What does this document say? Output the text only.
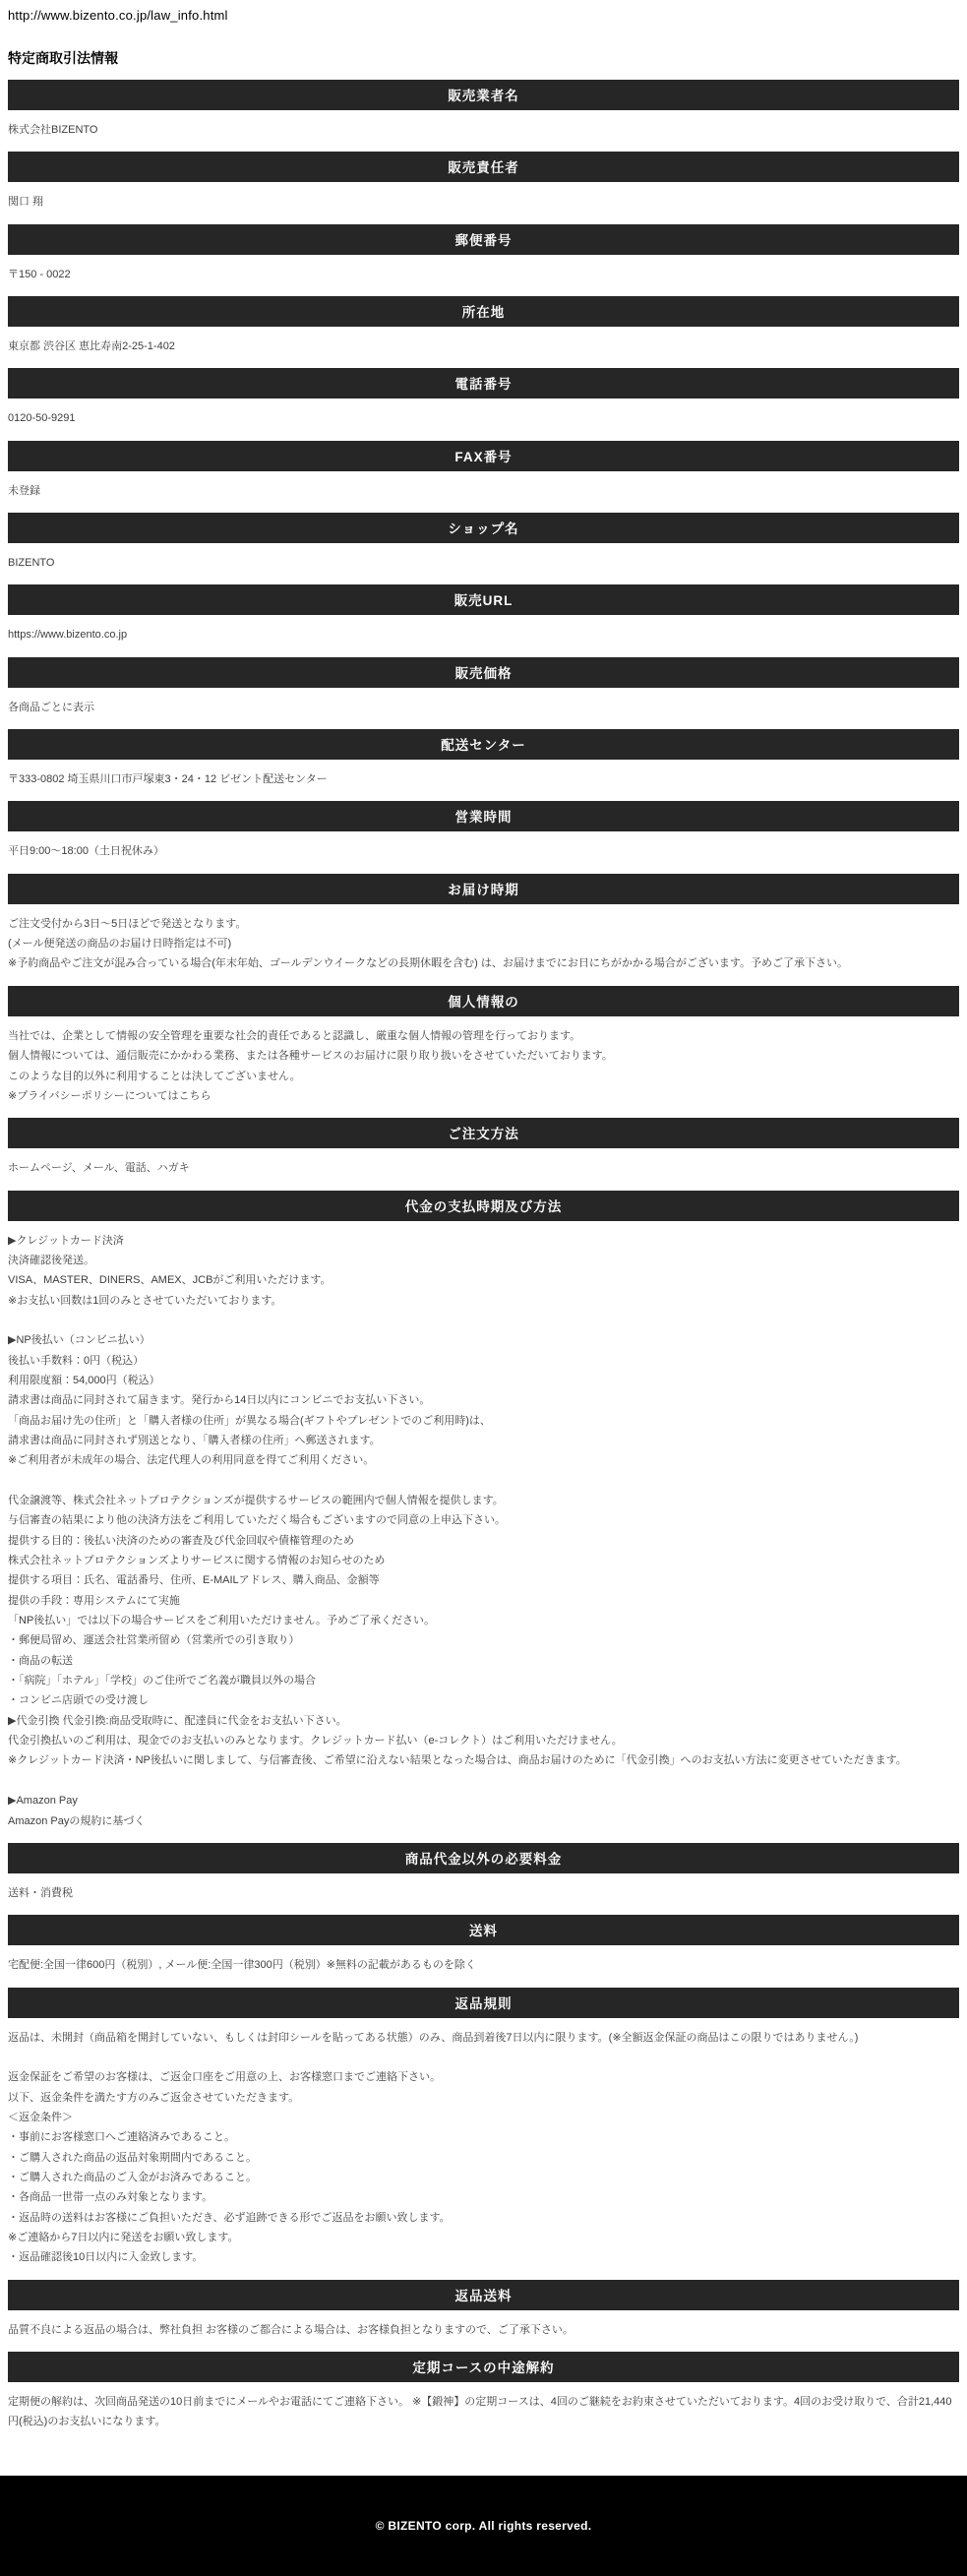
http://www.bizento.co.jp/law_info.html

特定商取引法情報
販売業者名

株式会社BIZENTO

販売責任者

関口 翔

郵便番号

〒150 - 0022

所在地

東京都 渋谷区 恵比寿南2-25-1-402

電話番号

0120-50-9291

FAX番号

未登録

ショップ名

BIZENTO

販売URL

https://www.bizento.co.jp

販売価格

各商品ごとに表示

配送センター

〒333-0802 埼玉県川口市戸塚東3・24・12 ビゼント配送センター

営業時間

平日9:00〜18:00（土日祝休み）

お届け時期

ご注文受付から3日〜5日ほどで発送となります。

(メール便発送の商品のお届け日時指定は不可)

※予約商品やご注文が混み合っている場合(年末年始、ゴールデンウイークなどの長期休暇を含む) は、お届けまでにお日にちがかかる場合がございます。予めご了承下さい。

個人情報の

当社では、企業として情報の安全管理を重要な社会的責任であると認識し、厳重な個人情報の管理を行っております。

個人情報については、通信販売にかかわる業務、または各種サービスのお届けに限り取り扱いをさせていただいております。

このような目的以外に利用することは決してございません。

※プライバシーポリシーについてはこちら

ご注文方法

ホームページ、メール、電話、ハガキ

代金の支払時期及び方法

▶クレジットカード決済

決済確認後発送。

VISA、MASTER、DINERS、AMEX、JCBがご利用いただけます。

※お支払い回数は1回のみとさせていただいております。

▶NP後払い（コンビニ払い）

後払い手数料：0円（税込）

利用限度額：54,000円（税込）

請求書は商品に同封されて届きます。発行から14日以内にコンビニでお支払い下さい。

「商品お届け先の住所」と「購入者様の住所」が異なる場合(ギフトやプレゼントでのご利用時)は、

請求書は商品に同封されず別送となり、「購入者様の住所」へ郵送されます。

※ご利用者が未成年の場合、法定代理人の利用同意を得てご利用ください。

代金譲渡等、株式会社ネットプロテクションズが提供するサービスの範囲内で個人情報を提供します。

与信審査の結果により他の決済方法をご利用していただく場合もございますので同意の上申込下さい。

提供する目的：後払い決済のための審査及び代金回収や債権管理のため

株式会社ネットプロテクションズよりサービスに関する情報のお知らせのため

提供する項目：氏名、電話番号、住所、E-MAILアドレス、購入商品、金額等

提供の手段：専用システムにて実施

「NP後払い」では以下の場合サービスをご利用いただけません。予めご了承ください。

・郵便局留め、運送会社営業所留め（営業所での引き取り）

・商品の転送

・「病院」「ホテル」「学校」のご住所でご名義が職員以外の場合

・コンビニ店頭での受け渡し

▶代金引換 代金引換:商品受取時に、配達員に代金をお支払い下さい。

代金引換払いのご利用は、現金でのお支払いのみとなります。クレジットカード払い（e-コレクト）はご利用いただけません。

※クレジットカード決済・NP後払いに関しまして、与信審査後、ご希望に沿えない結果となった場合は、商品お届けのために「代金引換」へのお支払い方法に変更させていただきます。

▶Amazon Pay

Amazon Payの規約に基づく

商品代金以外の必要料金

送料・消費税

送料

宅配便:全国一律600円（税別）, メール便:全国一律300円（税別）※無料の記載があるものを除く

返品規則

返品は、未開封（商品箱を開封していない、もしくは封印シールを貼ってある状態）のみ、商品到着後7日以内に限ります。(※全額返金保証の商品はこの限りではありません。)

返金保証をご希望のお客様は、ご返金口座をご用意の上、お客様窓口までご連絡下さい。

以下、返金条件を満たす方のみご返金させていただきます。

＜返金条件＞

・事前にお客様窓口へご連絡済みであること。

・ご購入された商品の返品対象期間内であること。

・ご購入された商品のご入金がお済みであること。

・各商品一世帯一点のみ対象となります。

・返品時の送料はお客様にご負担いただき、必ず追跡できる形でご返品をお願い致します。

※ご連絡から7日以内に発送をお願い致します。

・返品確認後10日以内に入金致します。

返品送料

品質不良による返品の場合は、弊社負担 お客様のご都合による場合は、お客様負担となりますので、ご了承下さい。

定期コースの中途解約

定期便の解約は、次回商品発送の10日前までにメールやお電話にてご連絡下さい。 ※【鍛神】の定期コースは、4回のご継続をお約束させていただいております。4回のお受け取りで、合計21,440円(税込)のお支払いになります。

© BIZENTO corp. All rights reserved.
